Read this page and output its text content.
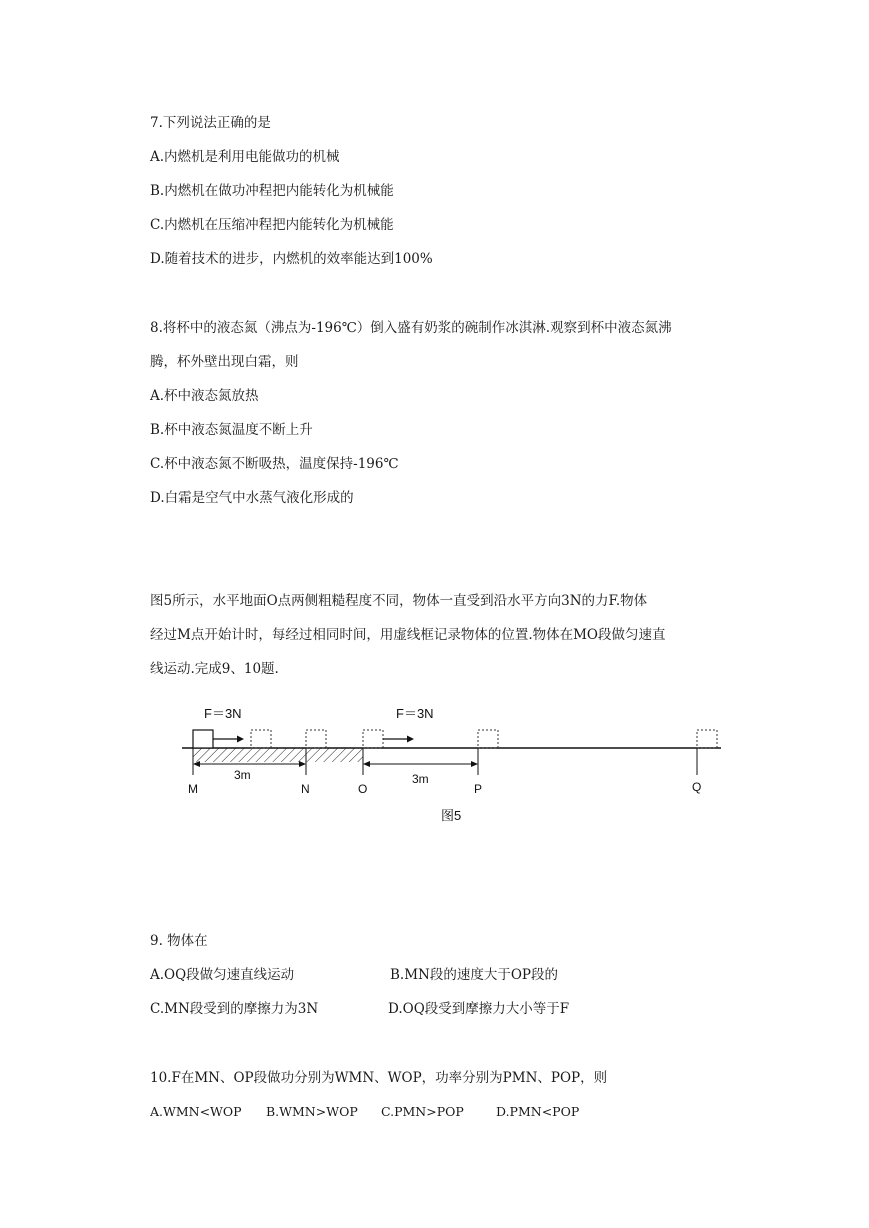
7.下列说法正确的是
A.内燃机是利用电能做功的机械
B.内燃机在做功冲程把内能转化为机械能
C.内燃机在压缩冲程把内能转化为机械能
D.随着技术的进步，内燃机的效率能达到100%
8.将杯中的液态氮（沸点为-196℃）倒入盛有奶浆的碗制作冰淇淋.观察到杯中液态氮沸
腾，杯外壁出现白霜，则
A.杯中液态氮放热
B.杯中液态氮温度不断上升
C.杯中液态氮不断吸热，温度保持-196℃
D.白霜是空气中水蒸气液化形成的
图5所示，水平地面O点两侧粗糙程度不同，物体一直受到沿水平方向3N的力F.物体
经过M点开始计时，每经过相同时间，用虚线框记录物体的位置.物体在MO段做匀速直
线运动.完成9、10题.
F＝3N	F＝3N
3m	3m
M	N	O	P	Q
图5
9. 物体在
A.OQ段做匀速直线运动	B.MN段的速度大于OP段的
C.MN段受到的摩擦力为3N	D.OQ段受到摩擦力大小等于F
10.F在MN、OP段做功分别为WMN、WOP，功率分别为PMN、POP，则
A.WMN<WOP B.WMN>WOP C.PMN>POP	D.PMN<POP
